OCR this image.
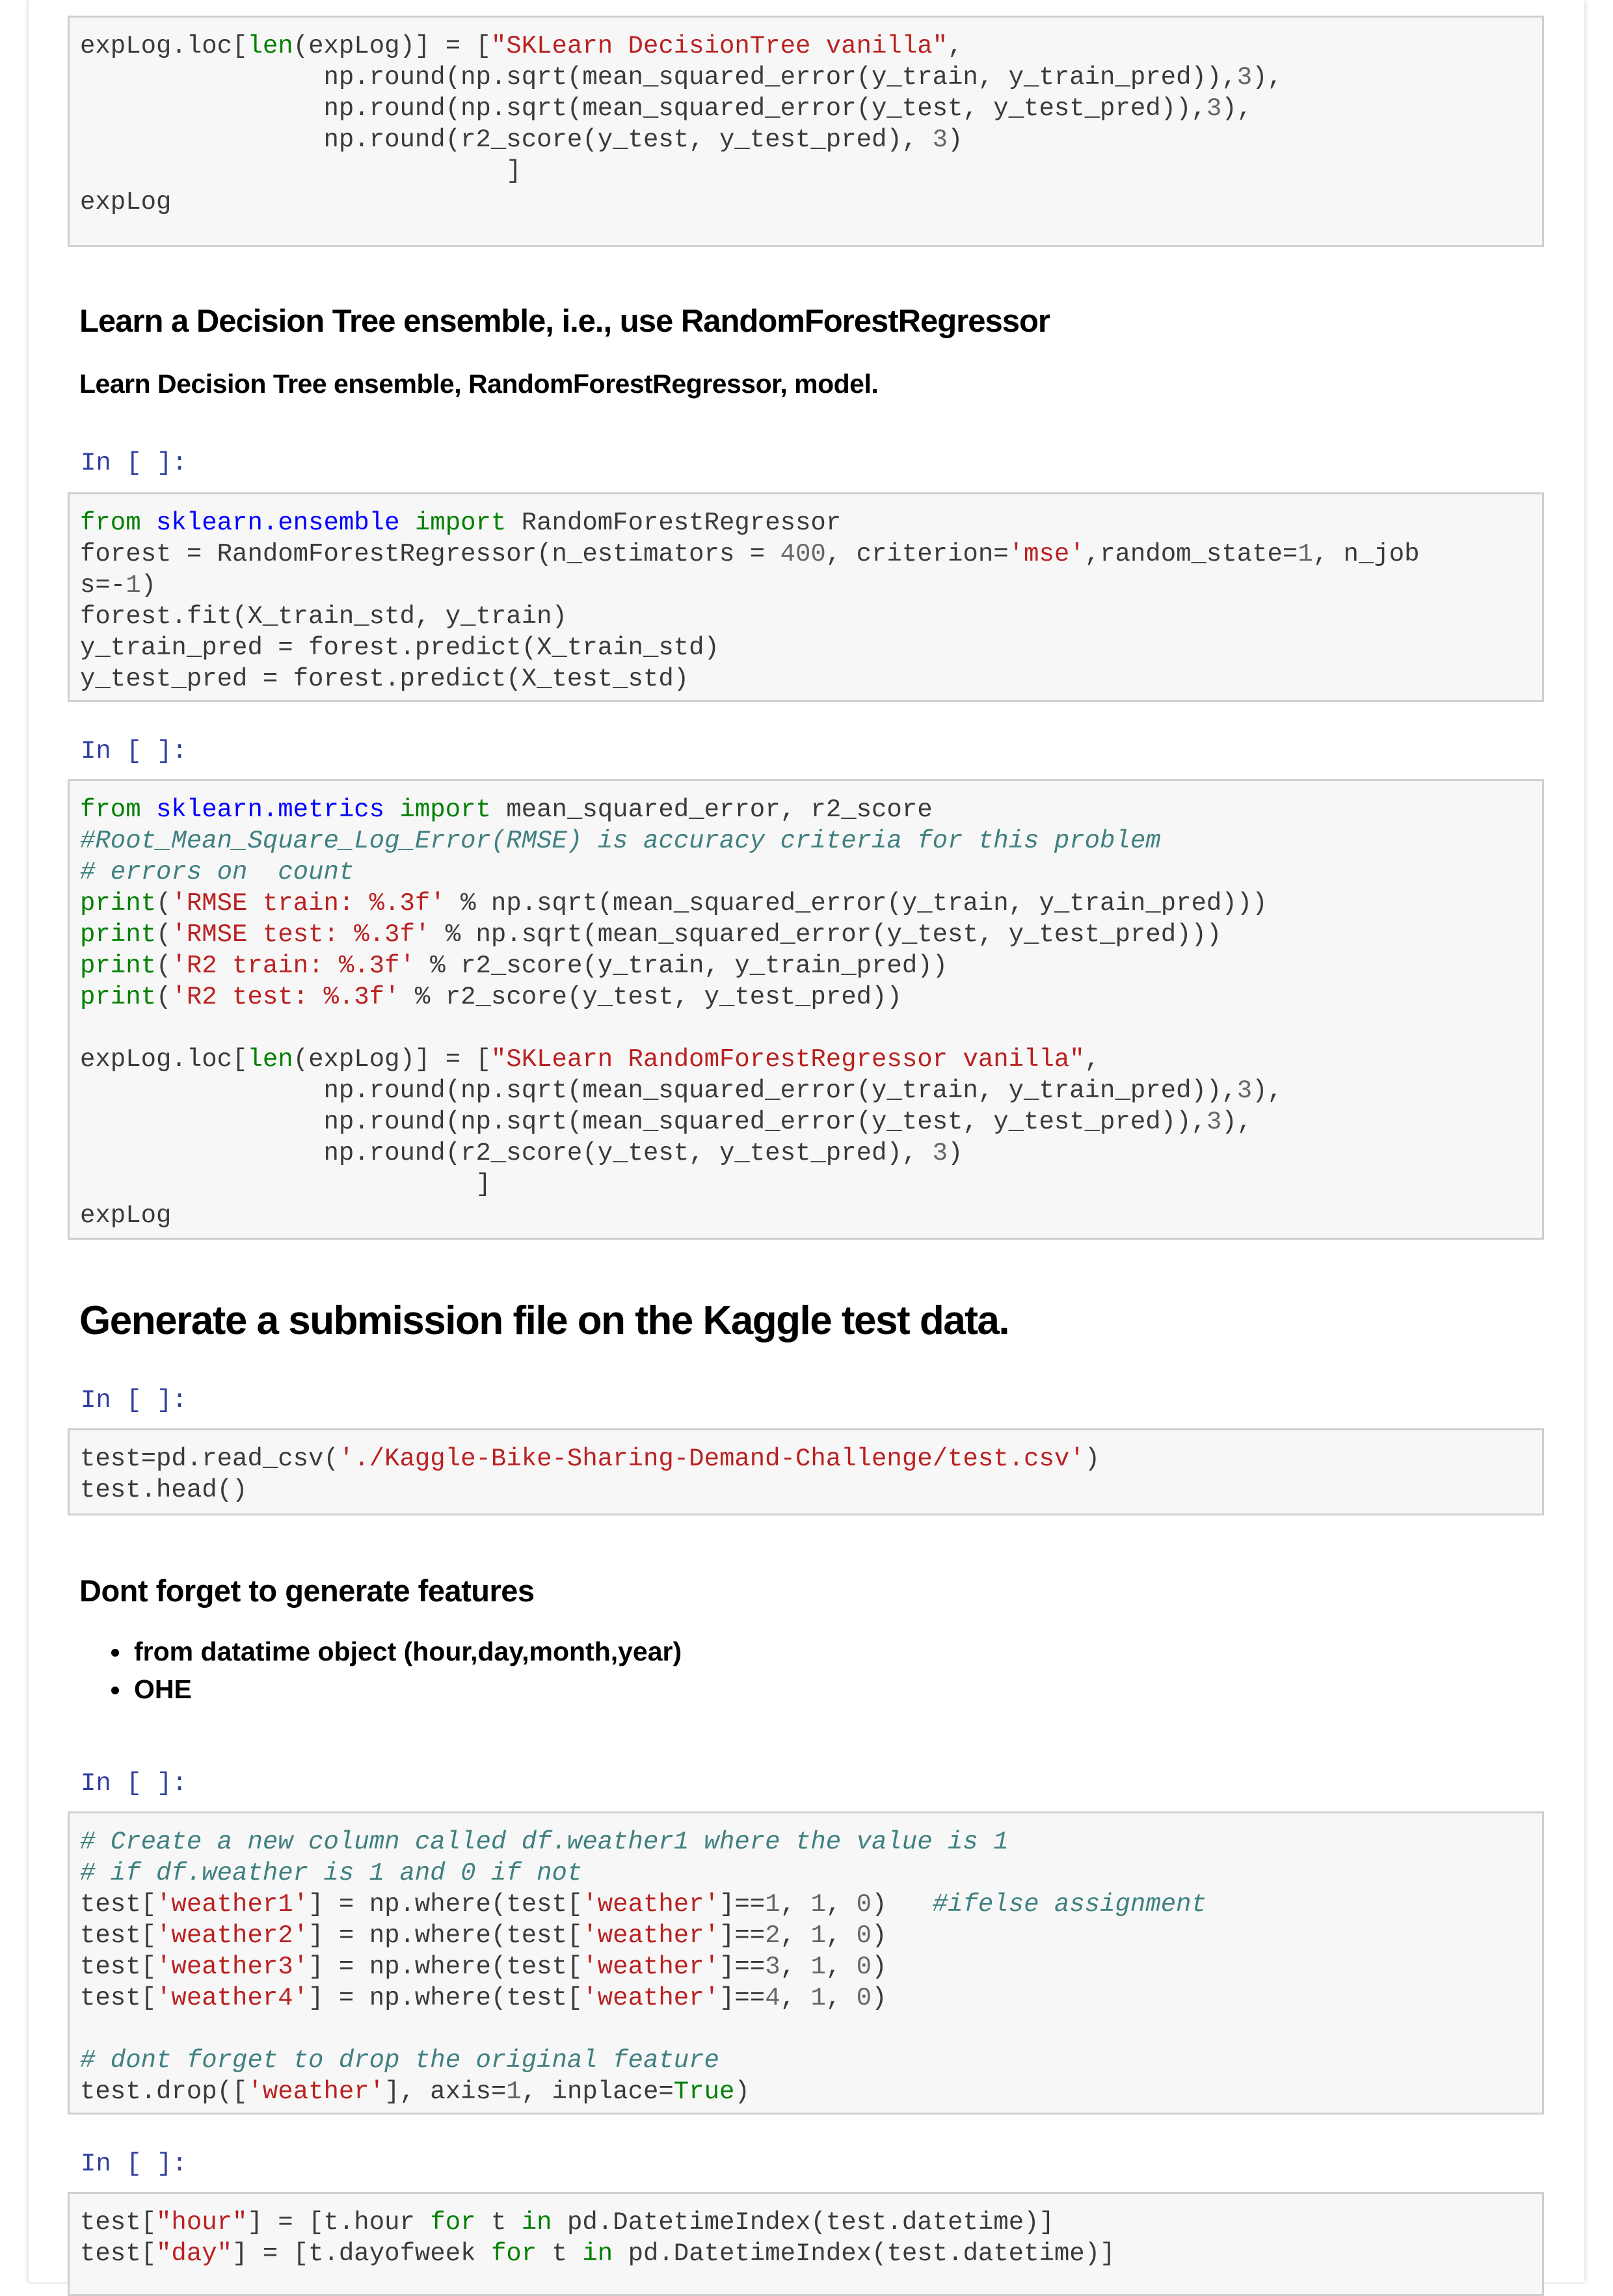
expLog.loc[len(expLog)] = ["SKLearn DecisionTree vanilla",
np.round(np.sqrt(mean_squared_error(y_train, y_train_pred)),3),
np.round(np.sqrt(mean_squared_error(y_test, y_test_pred)),3),
np.round(r2_score(y_test, y_test_pred), 3)
]
expLog
Learn a Decision Tree ensemble, i.e., use RandomForestRegressor
Learn Decision Tree ensemble, RandomForestRegressor, model.
In [ ]:
from sklearn.ensemble import RandomForestRegressor
forest = RandomForestRegressor(n_estimators = 400, criterion='mse',random_state=1, n_job
s=-1)
forest.fit(X_train_std, y_train)
y_train_pred = forest.predict(X_train_std)
y_test_pred = forest.predict(X_test_std)
In [ ]:
from sklearn.metrics import mean_squared_error, r2_score
#Root_Mean_Square_Log_Error(RMSE) is accuracy criteria for this problem
# errors on  count
print('RMSE train: %.3f' % np.sqrt(mean_squared_error(y_train, y_train_pred)))
print('RMSE test: %.3f' % np.sqrt(mean_squared_error(y_test, y_test_pred)))
print('R2 train: %.3f' % r2_score(y_train, y_train_pred))
print('R2 test: %.3f' % r2_score(y_test, y_test_pred))

expLog.loc[len(expLog)] = ["SKLearn RandomForestRegressor vanilla",
np.round(np.sqrt(mean_squared_error(y_train, y_train_pred)),3),
np.round(np.sqrt(mean_squared_error(y_test, y_test_pred)),3),
np.round(r2_score(y_test, y_test_pred), 3)
]
expLog
Generate a submission file on the Kaggle test data.
In [ ]:
test=pd.read_csv('./Kaggle-Bike-Sharing-Demand-Challenge/test.csv')
test.head()
Dont forget to generate features
• from datatime object (hour,day,month,year)
• OHE
In [ ]:
# Create a new column called df.weather1 where the value is 1
# if df.weather is 1 and 0 if not
test['weather1'] = np.where(test['weather']==1, 1, 0)   #ifelse assignment
test['weather2'] = np.where(test['weather']==2, 1, 0)
test['weather3'] = np.where(test['weather']==3, 1, 0)
test['weather4'] = np.where(test['weather']==4, 1, 0)

# dont forget to drop the original feature
test.drop(['weather'], axis=1, inplace=True)
In [ ]:
test["hour"] = [t.hour for t in pd.DatetimeIndex(test.datetime)]
test["day"] = [t.dayofweek for t in pd.DatetimeIndex(test.datetime)]
